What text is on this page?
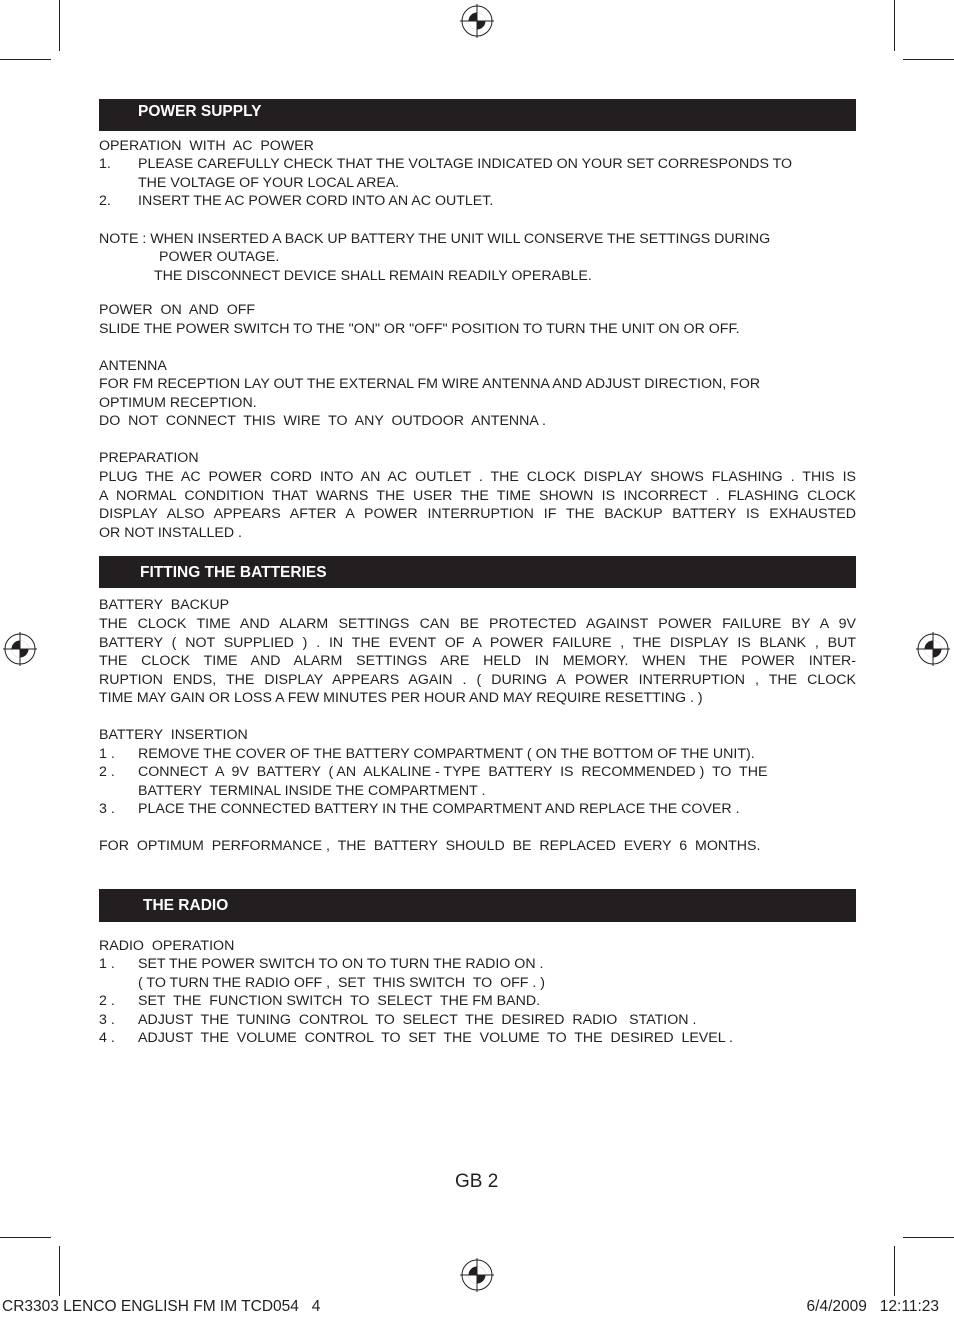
POWER SUPPLY
OPERATION  WITH  AC  POWER
1. PLEASE CAREFULLY CHECK THAT THE VOLTAGE INDICATED ON YOUR SET CORRESPONDS TO
THE VOLTAGE OF YOUR LOCAL AREA.
2. INSERT THE AC POWER CORD INTO AN AC OUTLET.
NOTE : WHEN INSERTED A BACK UP BATTERY THE UNIT WILL CONSERVE THE SETTINGS DURING
POWER OUTAGE.
THE DISCONNECT DEVICE SHALL REMAIN READILY OPERABLE.
POWER  ON  AND  OFF
SLIDE THE POWER SWITCH TO THE "ON" OR "OFF" POSITION TO TURN THE UNIT ON OR OFF.
ANTENNA
FOR FM RECEPTION LAY OUT THE EXTERNAL FM WIRE ANTENNA AND ADJUST DIRECTION, FOR
OPTIMUM RECEPTION.
DO  NOT  CONNECT  THIS  WIRE  TO  ANY  OUTDOOR  ANTENNA .
PREPARATION
PLUG THE AC POWER CORD INTO AN AC OUTLET . THE CLOCK DISPLAY SHOWS FLASHING . THIS IS
A NORMAL CONDITION THAT WARNS THE USER THE TIME SHOWN IS INCORRECT . FLASHING CLOCK
DISPLAY ALSO APPEARS AFTER A POWER INTERRUPTION IF THE BACKUP BATTERY IS EXHAUSTED
OR NOT INSTALLED .
FITTING THE BATTERIES
BATTERY  BACKUP
THE CLOCK TIME AND ALARM SETTINGS CAN BE PROTECTED AGAINST POWER FAILURE BY A 9V
BATTERY ( NOT SUPPLIED ) . IN THE EVENT OF A POWER FAILURE , THE DISPLAY IS BLANK , BUT
THE CLOCK TIME AND ALARM SETTINGS ARE HELD IN MEMORY. WHEN THE POWER INTER-
RUPTION ENDS, THE DISPLAY APPEARS AGAIN . ( DURING A POWER INTERRUPTION , THE CLOCK
TIME MAY GAIN OR LOSS A FEW MINUTES PER HOUR AND MAY REQUIRE RESETTING . )
BATTERY  INSERTION
1 . REMOVE THE COVER OF THE BATTERY COMPARTMENT ( ON THE BOTTOM OF THE UNIT).
2 . CONNECT  A  9V  BATTERY  ( AN  ALKALINE - TYPE  BATTERY  IS  RECOMMENDED )  TO  THE
BATTERY  TERMINAL INSIDE THE COMPARTMENT .
3 . PLACE THE CONNECTED BATTERY IN THE COMPARTMENT AND REPLACE THE COVER .
FOR  OPTIMUM  PERFORMANCE ,  THE  BATTERY  SHOULD  BE  REPLACED  EVERY  6  MONTHS.
THE RADIO
RADIO  OPERATION
1 . SET THE POWER SWITCH TO ON TO TURN THE RADIO ON .
( TO TURN THE RADIO OFF ,  SET  THIS SWITCH  TO  OFF . )
2 . SET  THE  FUNCTION SWITCH  TO  SELECT  THE FM BAND.
3 . ADJUST  THE  TUNING  CONTROL  TO  SELECT  THE  DESIRED  RADIO   STATION .
4 . ADJUST  THE  VOLUME  CONTROL  TO  SET  THE  VOLUME  TO  THE  DESIRED  LEVEL .
GB 2
CR3303 LENCO ENGLISH FM IM TCD054   4	6/4/2009   12:11:23
